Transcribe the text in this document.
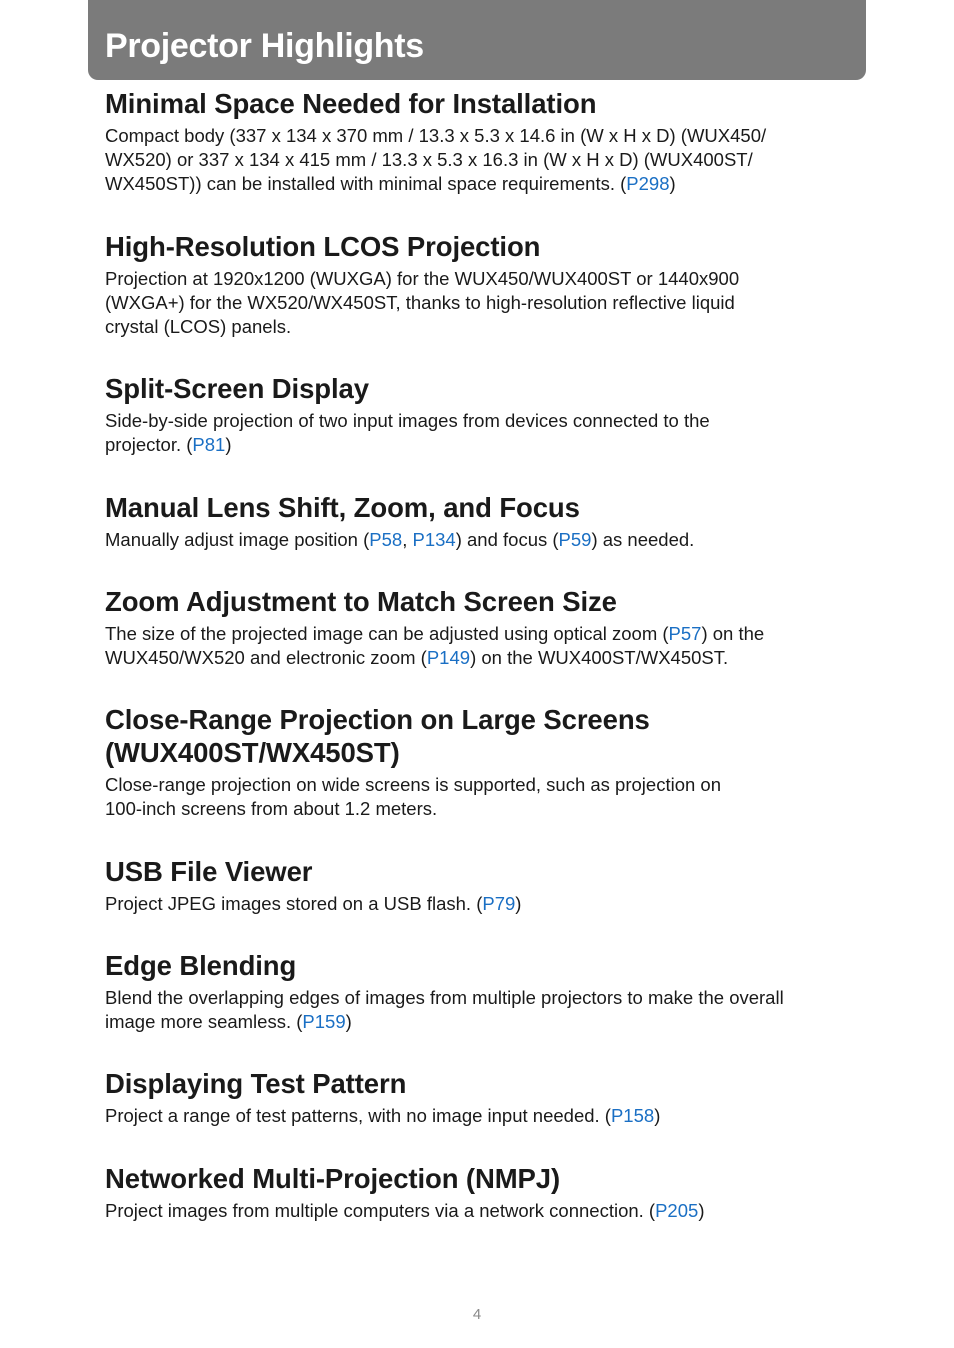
Projector Highlights
Minimal Space Needed for Installation

Compact body (337 x 134 x 370 mm / 13.3 x 5.3 x 14.6 in (W x H x D) (WUX450/
WX520) or 337 x 134 x 415 mm / 13.3 x 5.3 x 16.3 in (W x H x D) (WUX400ST/
WX450ST)) can be installed with minimal space requirements. (P298)

High-Resolution LCOS Projection

Projection at 1920x1200 (WUXGA) for the WUX450/WUX400ST or 1440x900
(WXGA+) for the WX520/WX450ST, thanks to high-resolution reflective liquid
crystal (LCOS) panels.

Split-Screen Display

Side-by-side projection of two input images from devices connected to the
projector. (P81)

Manual Lens Shift, Zoom, and Focus

Manually adjust image position (P58, P134) and focus (P59) as needed.

Zoom Adjustment to Match Screen Size

The size of the projected image can be adjusted using optical zoom (P57) on the
WUX450/WX520 and electronic zoom (P149) on the WUX400ST/WX450ST.

Close-Range Projection on Large Screens
(WUX400ST/WX450ST)

Close-range projection on wide screens is supported, such as projection on
100-inch screens from about 1.2 meters.

USB File Viewer

Project JPEG images stored on a USB flash. (P79)

Edge Blending

Blend the overlapping edges of images from multiple projectors to make the overall
image more seamless. (P159)

Displaying Test Pattern

Project a range of test patterns, with no image input needed. (P158)

Networked Multi-Projection (NMPJ)

Project images from multiple computers via a network connection. (P205)

4
